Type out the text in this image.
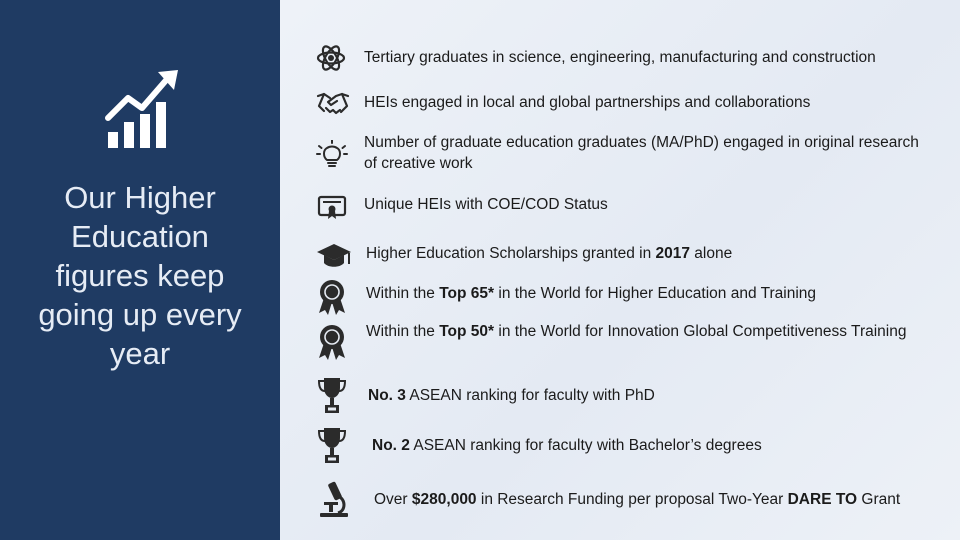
Our Higher Education figures keep going up every year
Tertiary graduates in science, engineering, manufacturing and construction
HEIs engaged in local and global partnerships and collaborations
Number of graduate education graduates (MA/PhD) engaged in original research of creative work
Unique HEIs with COE/COD Status
Higher Education Scholarships granted in 2017 alone
Within the Top 65* in the World for Higher Education and Training
Within the Top 50* in the World for Innovation Global Competitiveness Training
No. 3 ASEAN ranking for faculty with PhD
No. 2 ASEAN ranking for faculty with Bachelor’s degrees
Over $280,000 in Research Funding per proposal Two-Year DARE TO Grant
